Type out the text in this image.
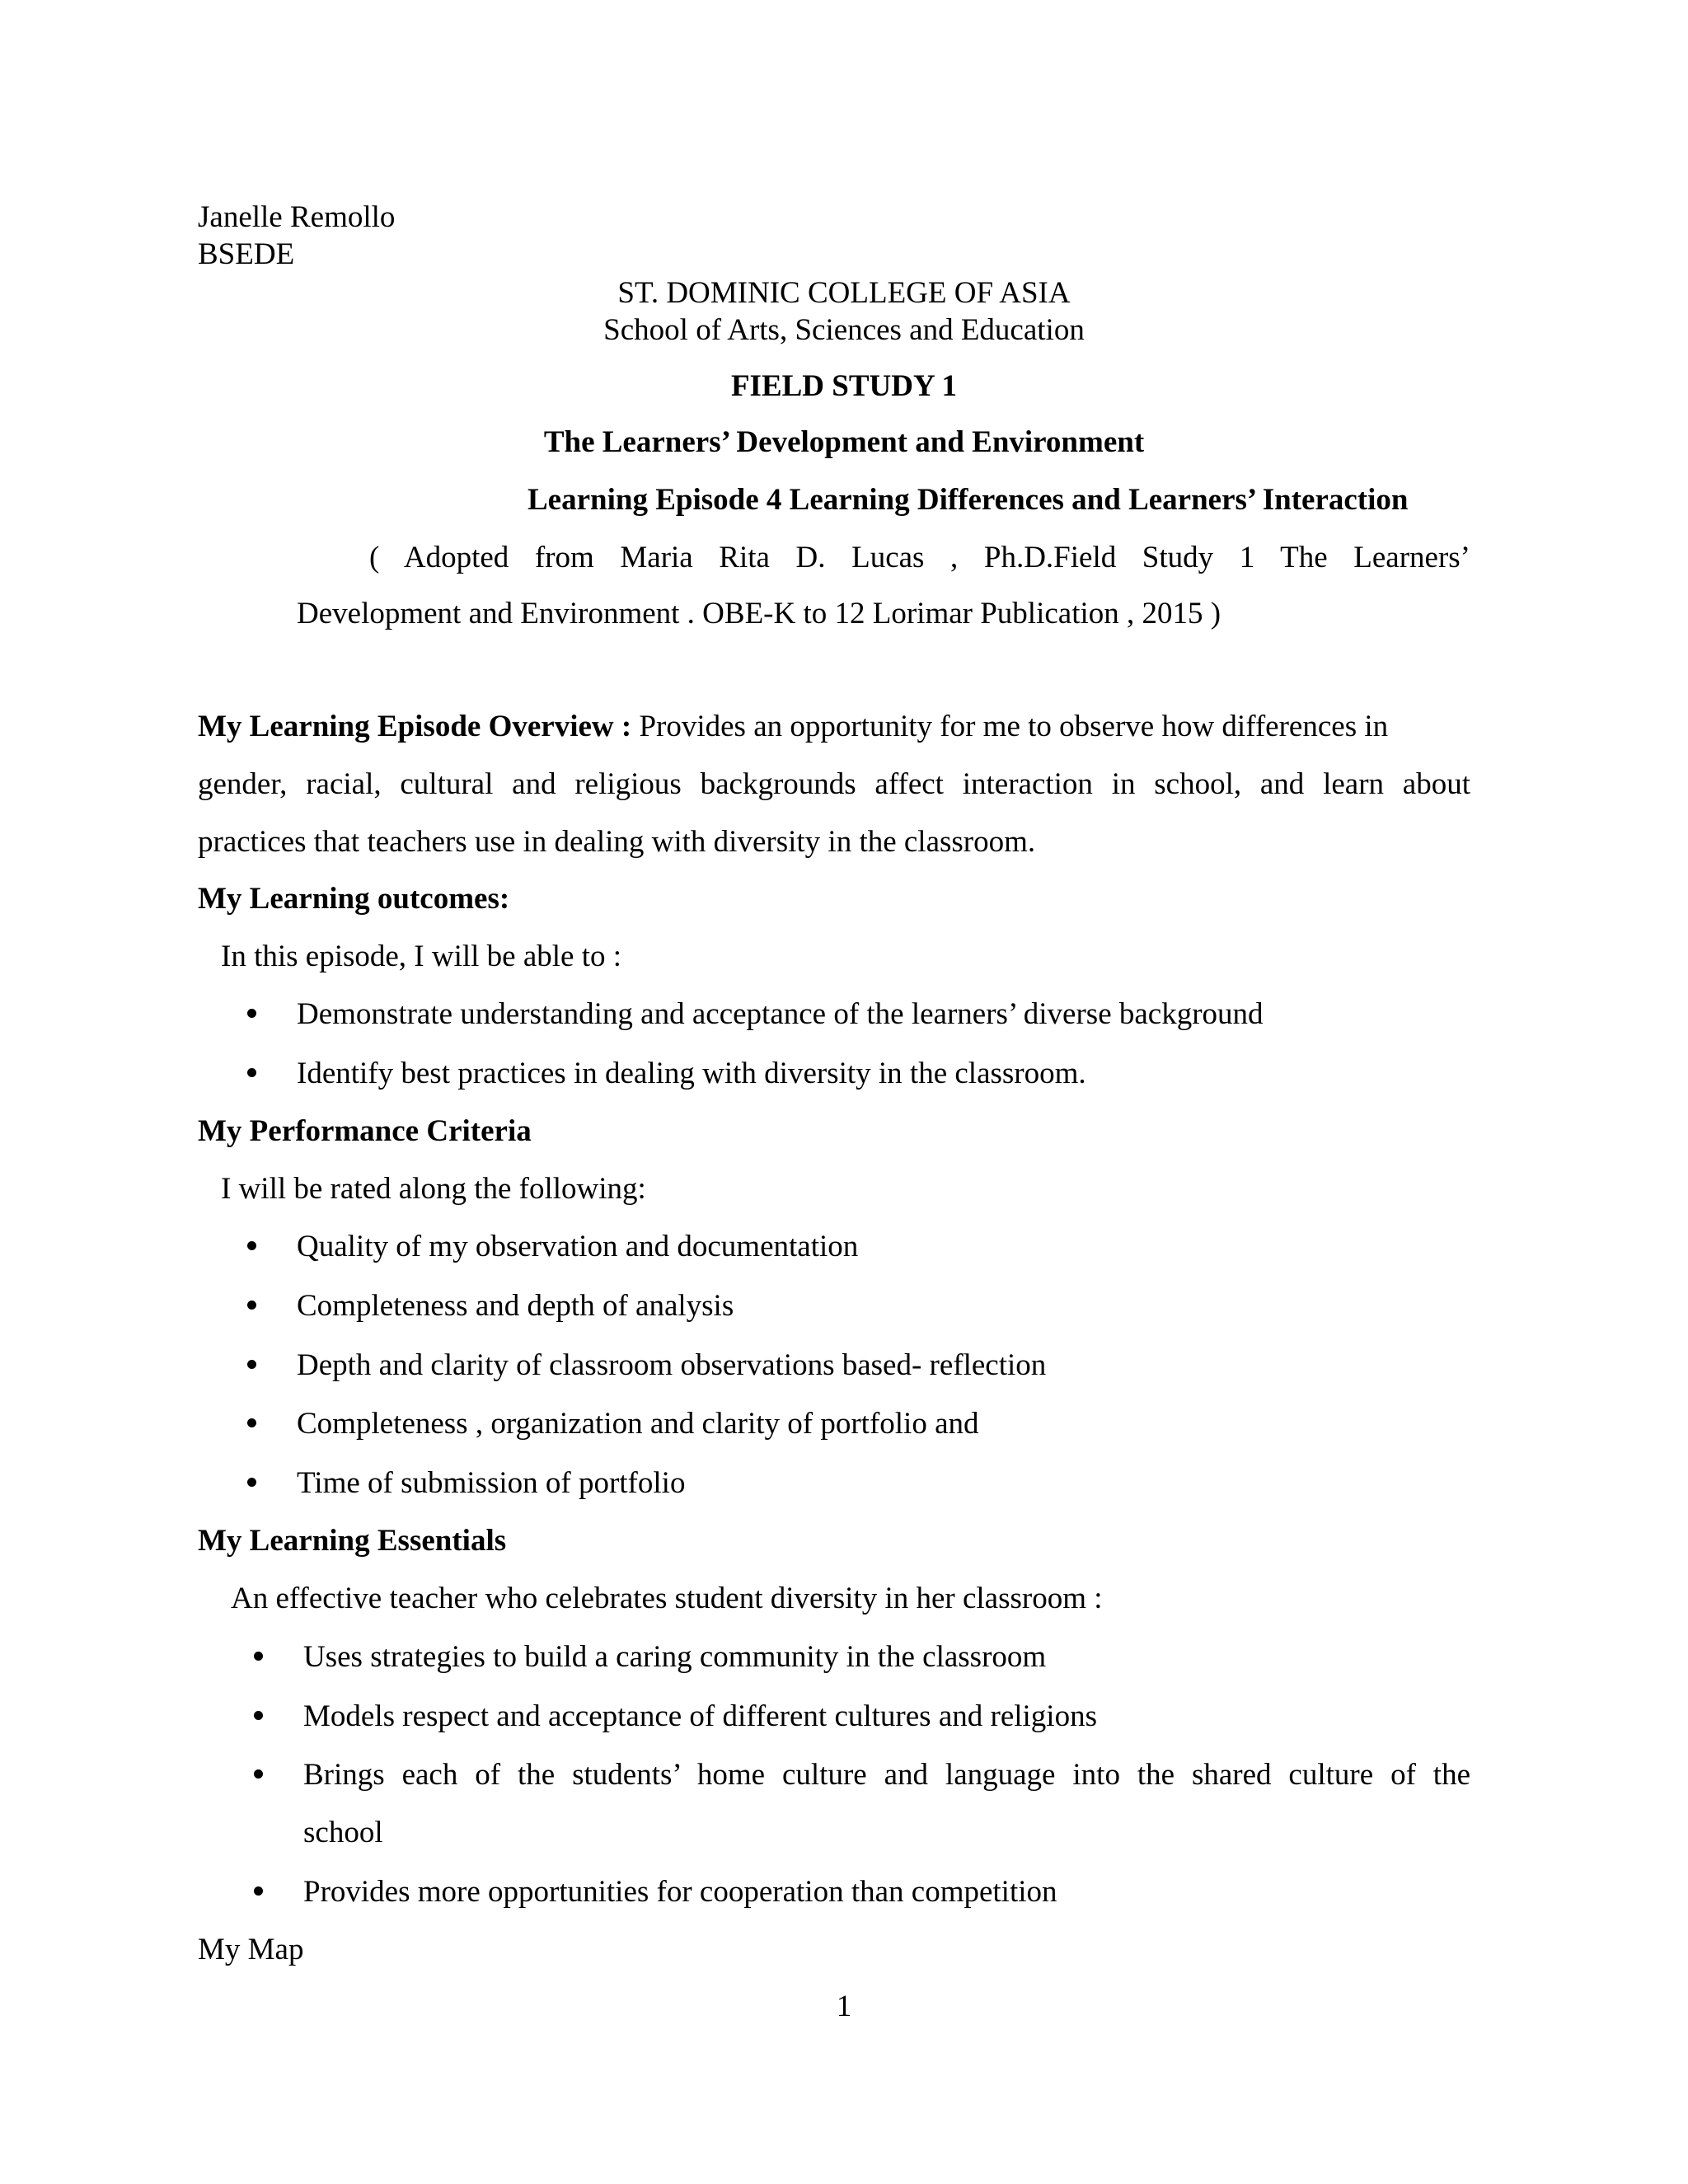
Janelle Remollo
BSEDE
ST. DOMINIC COLLEGE OF ASIA
School of Arts, Sciences and Education
FIELD STUDY 1
The Learners’ Development and Environment
Learning Episode 4 Learning Differences and Learners’ Interaction
( Adopted from Maria Rita D. Lucas , Ph.D.Field Study 1 The Learners’
Development and Environment . OBE-K to 12 Lorimar Publication , 2015 )
My Learning Episode Overview : Provides an opportunity for me to observe how differences in
gender, racial, cultural and religious backgrounds affect interaction in school, and learn about
practices that teachers use in dealing with diversity in the classroom.
My Learning outcomes:
In this episode, I will be able to :
Demonstrate understanding and acceptance of the learners’ diverse background
Identify best practices in dealing with diversity in the classroom.
My Performance Criteria
I will be rated along the following:
Quality of my observation and documentation
Completeness and depth of analysis
Depth and clarity of classroom observations based- reflection
Completeness , organization and clarity of portfolio and
Time of submission of portfolio
My Learning Essentials
An effective teacher who celebrates student diversity in her classroom :
Uses strategies to build a caring community in the classroom
Models respect and acceptance of different cultures and religions
Brings each of the students’ home culture and language into the shared culture of the
school
Provides more opportunities for cooperation than competition
My Map
1
